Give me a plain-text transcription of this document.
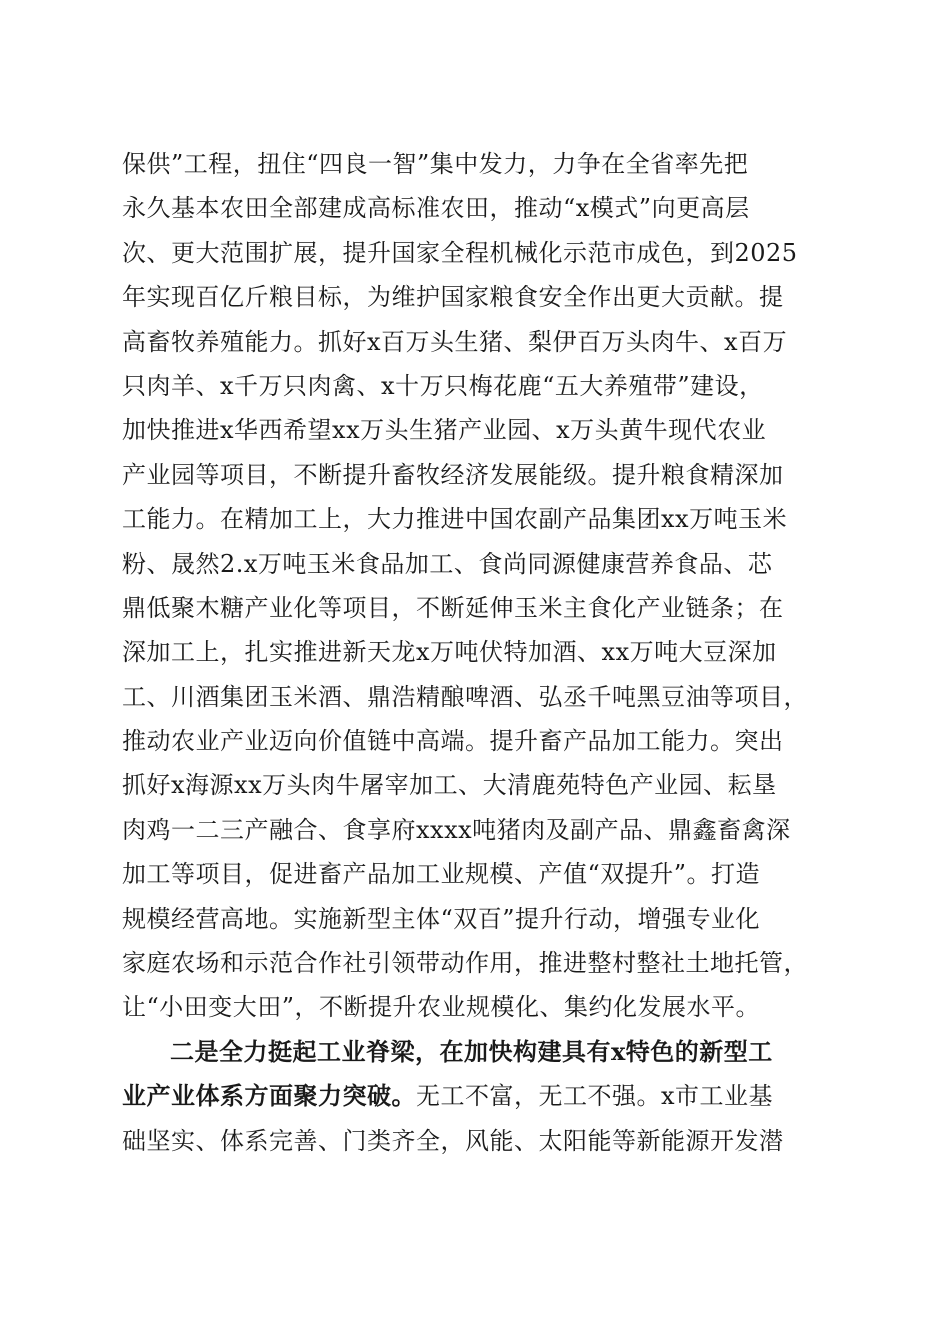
保供”工程，扭住“四良一智”集中发力，力争在全省率先把
永久基本农田全部建成高标准农田，推动“x模式”向更高层
次、更大范围扩展，提升国家全程机械化示范市成色，到2025
年实现百亿斤粮目标，为维护国家粮食安全作出更大贡献。提
高畜牧养殖能力。抓好x百万头生猪、梨伊百万头肉牛、x百万
只肉羊、x千万只肉禽、x十万只梅花鹿“五大养殖带”建设，
加快推进x华西希望xx万头生猪产业园、x万头黄牛现代农业
产业园等项目，不断提升畜牧经济发展能级。提升粮食精深加
工能力。在精加工上，大力推进中国农副产品集团xx万吨玉米
粉、晟然2.x万吨玉米食品加工、食尚同源健康营养食品、芯
鼎低聚木糖产业化等项目，不断延伸玉米主食化产业链条；在
深加工上，扎实推进新天龙x万吨伏特加酒、xx万吨大豆深加
工、川酒集团玉米酒、鼎浩精酿啤酒、弘丞千吨黑豆油等项目，
推动农业产业迈向价值链中高端。提升畜产品加工能力。突出
抓好x海源xx万头肉牛屠宰加工、大清鹿苑特色产业园、耘垦
肉鸡一二三产融合、食享府xxxx吨猪肉及副产品、鼎鑫畜禽深
加工等项目，促进畜产品加工业规模、产值“双提升”。打造
规模经营高地。实施新型主体“双百”提升行动，增强专业化
家庭农场和示范合作社引领带动作用，推进整村整社土地托管，
让“小田变大田”，不断提升农业规模化、集约化发展水平。
二是全力挺起工业脊梁，在加快构建具有x特色的新型工
业产业体系方面聚力突破。无工不富，无工不强。x市工业基
础坚实、体系完善、门类齐全，风能、太阳能等新能源开发潜
